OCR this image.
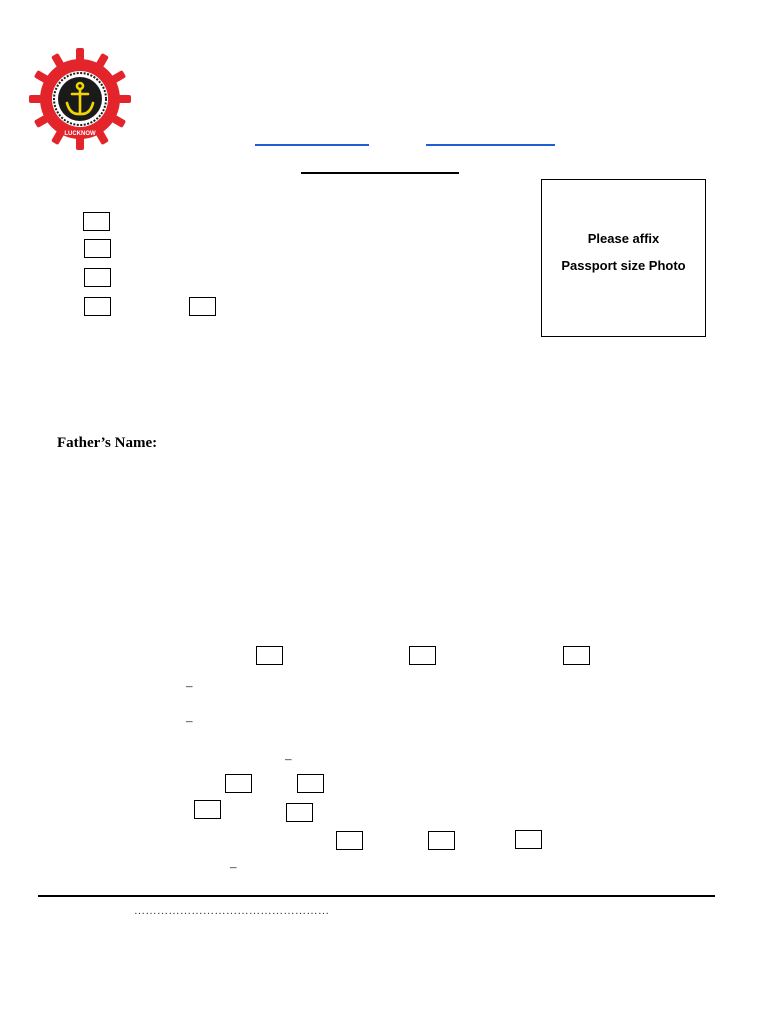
LUCKNOW
Please affix
Passport size Photo
Father’s Name:
–
–
–
–
……………………………………………
